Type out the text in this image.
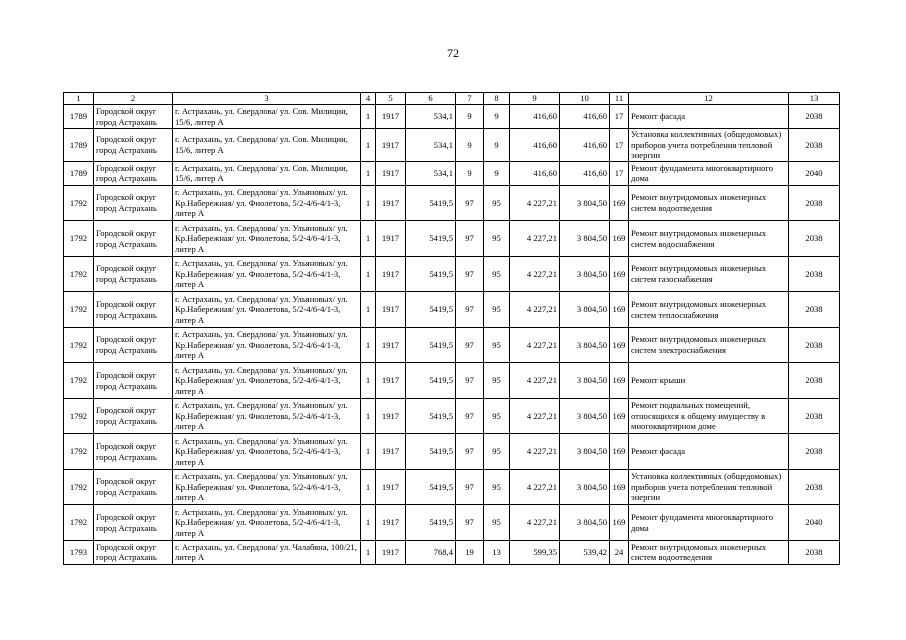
72
1	2	3	4	5	6	7	8	9	10	11	12	13
1789	Городской округ город Астрахань	г. Астрахань, ул. Свердлова/ ул. Сов. Милиции, 15/6, литер А	1	1917	534,1	9	9	416,60	416,60	17	Ремонт фасада	2038
1789	Городской округ город Астрахань	г. Астрахань, ул. Свердлова/ ул. Сов. Милиции, 15/6, литер А	1	1917	534,1	9	9	416,60	416,60	17	Установка коллективных (общедомовых) приборов учета потребления тепловой энергии	2038
1789	Городской округ город Астрахань	г. Астрахань, ул. Свердлова/ ул. Сов. Милиции, 15/6, литер А	1	1917	534,1	9	9	416,60	416,60	17	Ремонт фундамента многоквартирного дома	2040
1792	Городской округ город Астрахань	г. Астрахань, ул. Свердлова/ ул. Ульяновых/ ул. Кр.Набережная/ ул. Фиолетова, 5/2-4/6-4/1-3, литер А	1	1917	5419,5	97	95	4 227,21	3 804,50	169	Ремонт внутридомовых инженерных систем водоотведения	2038
1792	Городской округ город Астрахань	г. Астрахань, ул. Свердлова/ ул. Ульяновых/ ул. Кр.Набережная/ ул. Фиолетова, 5/2-4/6-4/1-3, литер А	1	1917	5419,5	97	95	4 227,21	3 804,50	169	Ремонт внутридомовых инженерных систем водоснабжения	2038
1792	Городской округ город Астрахань	г. Астрахань, ул. Свердлова/ ул. Ульяновых/ ул. Кр.Набережная/ ул. Фиолетова, 5/2-4/6-4/1-3, литер А	1	1917	5419,5	97	95	4 227,21	3 804,50	169	Ремонт внутридомовых инженерных систем газоснабжения	2038
1792	Городской округ город Астрахань	г. Астрахань, ул. Свердлова/ ул. Ульяновых/ ул. Кр.Набережная/ ул. Фиолетова, 5/2-4/6-4/1-3, литер А	1	1917	5419,5	97	95	4 227,21	3 804,50	169	Ремонт внутридомовых инженерных систем теплоснабжения	2038
1792	Городской округ город Астрахань	г. Астрахань, ул. Свердлова/ ул. Ульяновых/ ул. Кр.Набережная/ ул. Фиолетова, 5/2-4/6-4/1-3, литер А	1	1917	5419,5	97	95	4 227,21	3 804,50	169	Ремонт внутридомовых инженерных систем электроснабжения	2038
1792	Городской округ город Астрахань	г. Астрахань, ул. Свердлова/ ул. Ульяновых/ ул. Кр.Набережная/ ул. Фиолетова, 5/2-4/6-4/1-3, литер А	1	1917	5419,5	97	95	4 227,21	3 804,50	169	Ремонт крыши	2038
1792	Городской округ город Астрахань	г. Астрахань, ул. Свердлова/ ул. Ульяновых/ ул. Кр.Набережная/ ул. Фиолетова, 5/2-4/6-4/1-3, литер А	1	1917	5419,5	97	95	4 227,21	3 804,50	169	Ремонт подвальных помещений, относящихся к общему имуществу в многоквартирном доме	2038
1792	Городской округ город Астрахань	г. Астрахань, ул. Свердлова/ ул. Ульяновых/ ул. Кр.Набережная/ ул. Фиолетова, 5/2-4/6-4/1-3, литер А	1	1917	5419,5	97	95	4 227,21	3 804,50	169	Ремонт фасада	2038
1792	Городской округ город Астрахань	г. Астрахань, ул. Свердлова/ ул. Ульяновых/ ул. Кр.Набережная/ ул. Фиолетова, 5/2-4/6-4/1-3, литер А	1	1917	5419,5	97	95	4 227,21	3 804,50	169	Установка коллективных (общедомовых) приборов учета потребления тепловой энергии	2038
1792	Городской округ город Астрахань	г. Астрахань, ул. Свердлова/ ул. Ульяновых/ ул. Кр.Набережная/ ул. Фиолетова, 5/2-4/6-4/1-3, литер А	1	1917	5419,5	97	95	4 227,21	3 804,50	169	Ремонт фундамента многоквартирного дома	2040
1793	Городской округ город Астрахань	г. Астрахань, ул. Свердлова/ ул. Чалабяна, 100/21, литер А	1	1917	768,4	19	13	599,35	539,42	24	Ремонт внутридомовых инженерных систем водоотведения	2038
